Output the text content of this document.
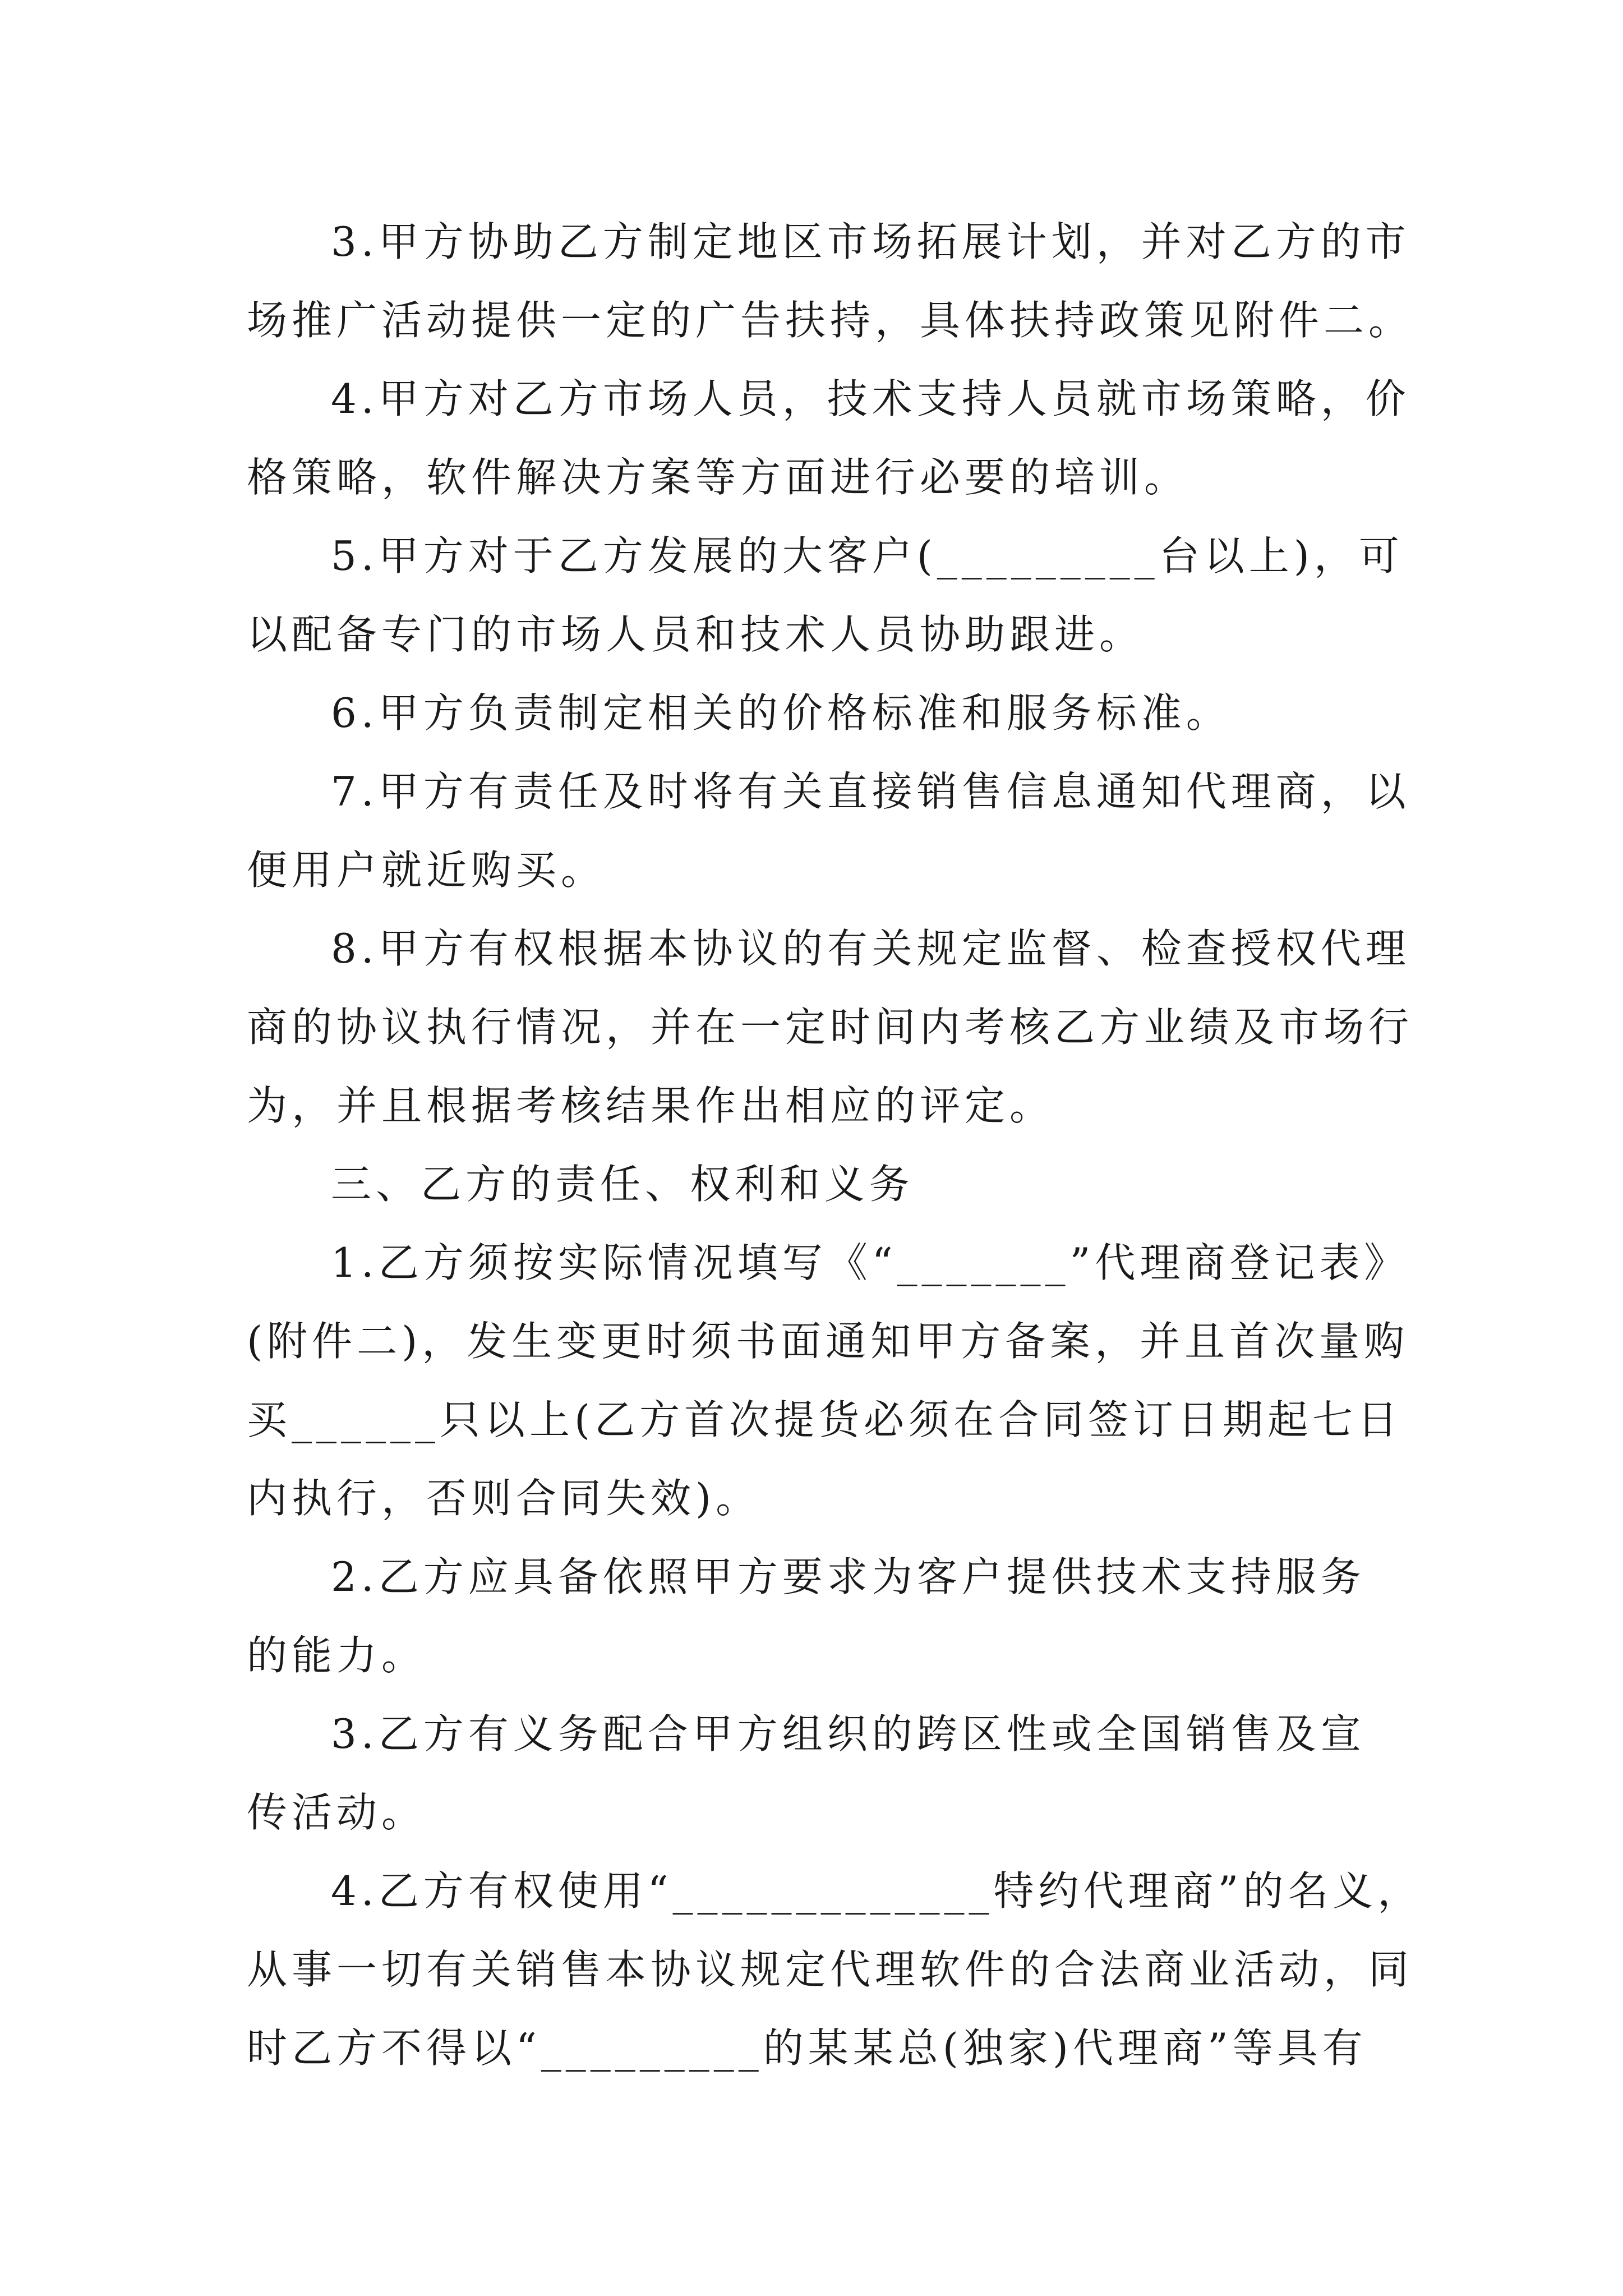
3.甲方协助乙方制定地区市场拓展计划，并对乙方的市
场推广活动提供一定的广告扶持，具体扶持政策见附件二。
4.甲方对乙方市场人员，技术支持人员就市场策略，价
格策略，软件解决方案等方面进行必要的培训。
5.甲方对于乙方发展的大客户(_________台以上)，可
以配备专门的市场人员和技术人员协助跟进。
6.甲方负责制定相关的价格标准和服务标准。
7.甲方有责任及时将有关直接销售信息通知代理商，以
便用户就近购买。
8.甲方有权根据本协议的有关规定监督、检查授权代理
商的协议执行情况，并在一定时间内考核乙方业绩及市场行
为，并且根据考核结果作出相应的评定。
三、乙方的责任、权利和义务
1.乙方须按实际情况填写《“_______”代理商登记表》
(附件二)，发生变更时须书面通知甲方备案，并且首次量购
买______只以上(乙方首次提货必须在合同签订日期起七日
内执行，否则合同失效)。
2.乙方应具备依照甲方要求为客户提供技术支持服务
的能力。
3.乙方有义务配合甲方组织的跨区性或全国销售及宣
传活动。
4.乙方有权使用“_____________特约代理商”的名义，
从事一切有关销售本协议规定代理软件的合法商业活动，同
时乙方不得以“_________的某某总(独家)代理商”等具有
